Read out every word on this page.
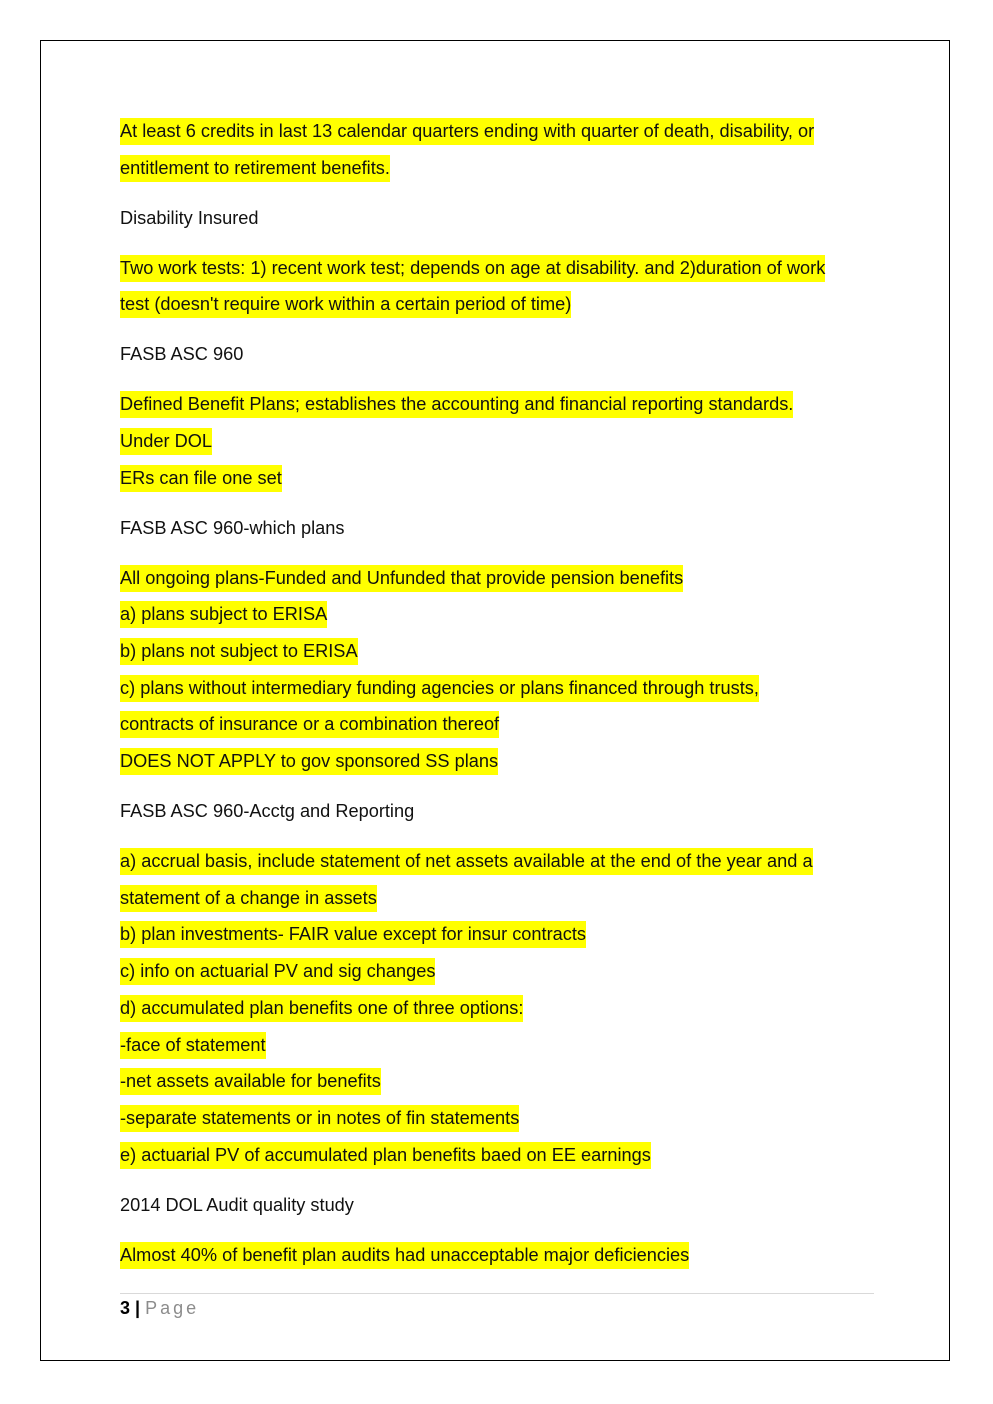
At least 6 credits in last 13 calendar quarters ending with quarter of death, disability, or
entitlement to retirement benefits.
Disability Insured
Two work tests: 1) recent work test; depends on age at disability. and 2)duration of work
test (doesn't require work within a certain period of time)
FASB ASC 960
Defined Benefit Plans; establishes the accounting and financial reporting standards.
Under DOL
ERs can file one set
FASB ASC 960-which plans
All ongoing plans-Funded and Unfunded that provide pension benefits
a) plans subject to ERISA
b) plans not subject to ERISA
c) plans without intermediary funding agencies or plans financed through trusts,
contracts of insurance or a combination thereof
DOES NOT APPLY to gov sponsored SS plans
FASB ASC 960-Acctg and Reporting
a) accrual basis, include statement of net assets available at the end of the year and a
statement of a change in assets
b) plan investments- FAIR value except for insur contracts
c) info on actuarial PV and sig changes
d) accumulated plan benefits one of three options:
-face of statement
-net assets available for benefits
-separate statements or in notes of fin statements
e) actuarial PV of accumulated plan benefits baed on EE earnings
2014 DOL Audit quality study
Almost 40% of benefit plan audits had unacceptable major deficiencies
3 | Page
